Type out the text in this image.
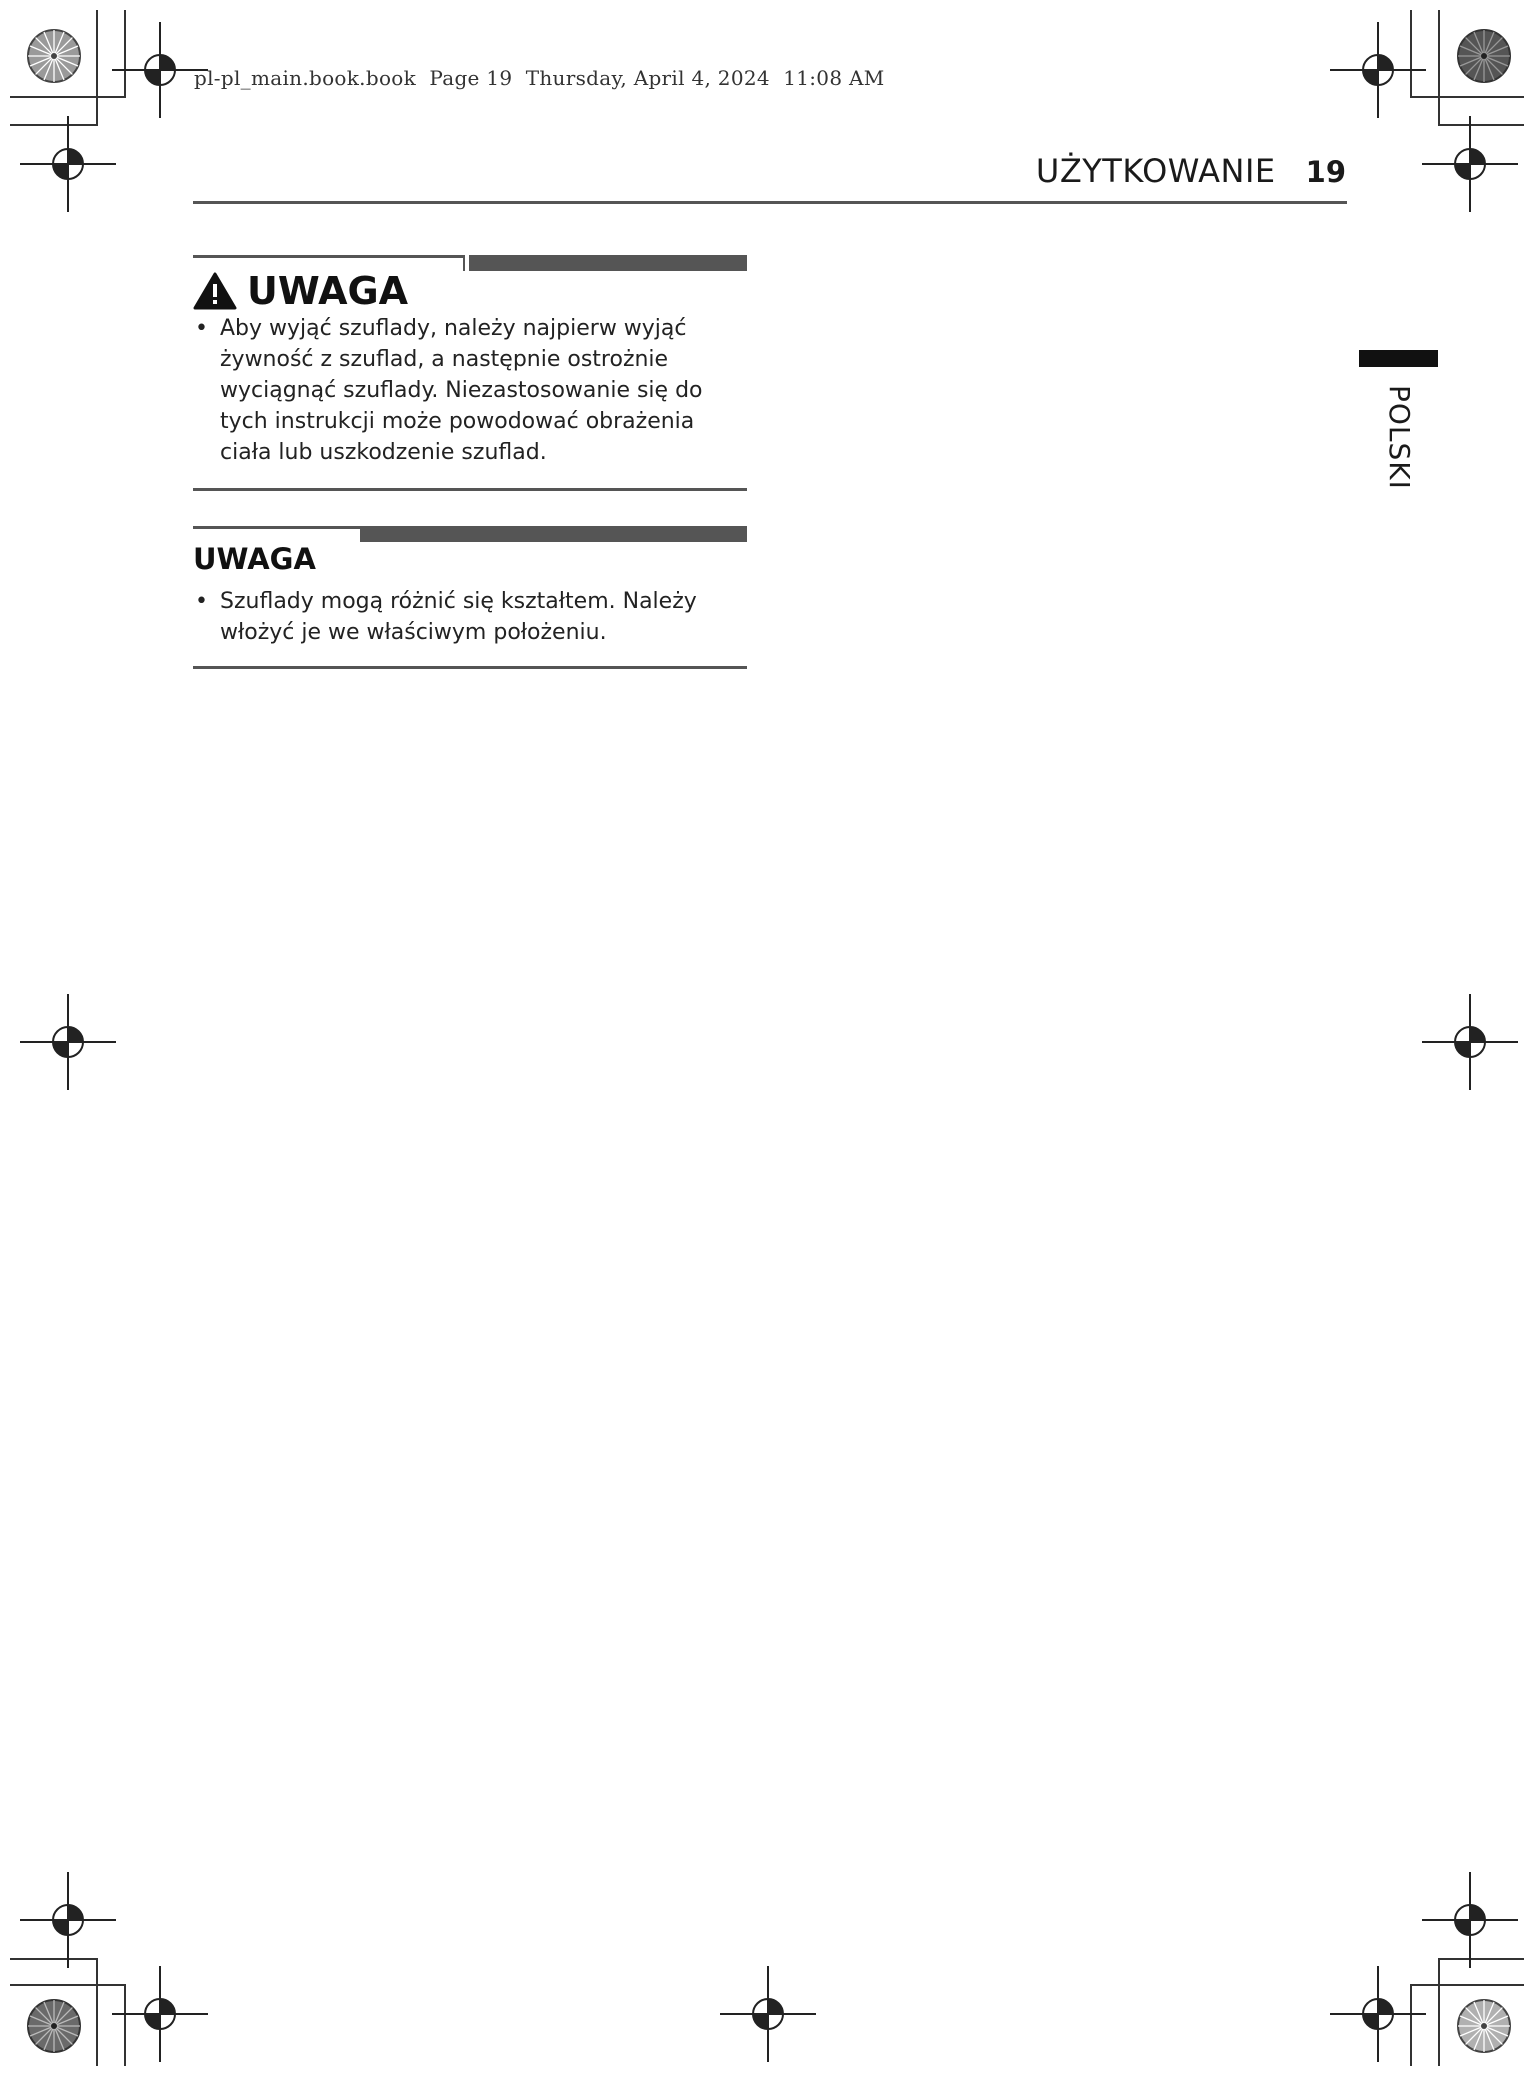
pl-pl_main.book.book  Page 19  Thursday, April 4, 2024  11:08 AM
UŻYTKOWANIE 19
POLSKI
UWAGA
• Aby wyjąć szuflady, należy najpierw wyjąć żywność z szuflad, a następnie ostrożnie wyciągnąć szuflady. Niezastosowanie się do tych instrukcji może powodować obrażenia ciała lub uszkodzenie szuflad.
UWAGA
• Szuflady mogą różnić się kształtem. Należy włożyć je we właściwym położeniu.
